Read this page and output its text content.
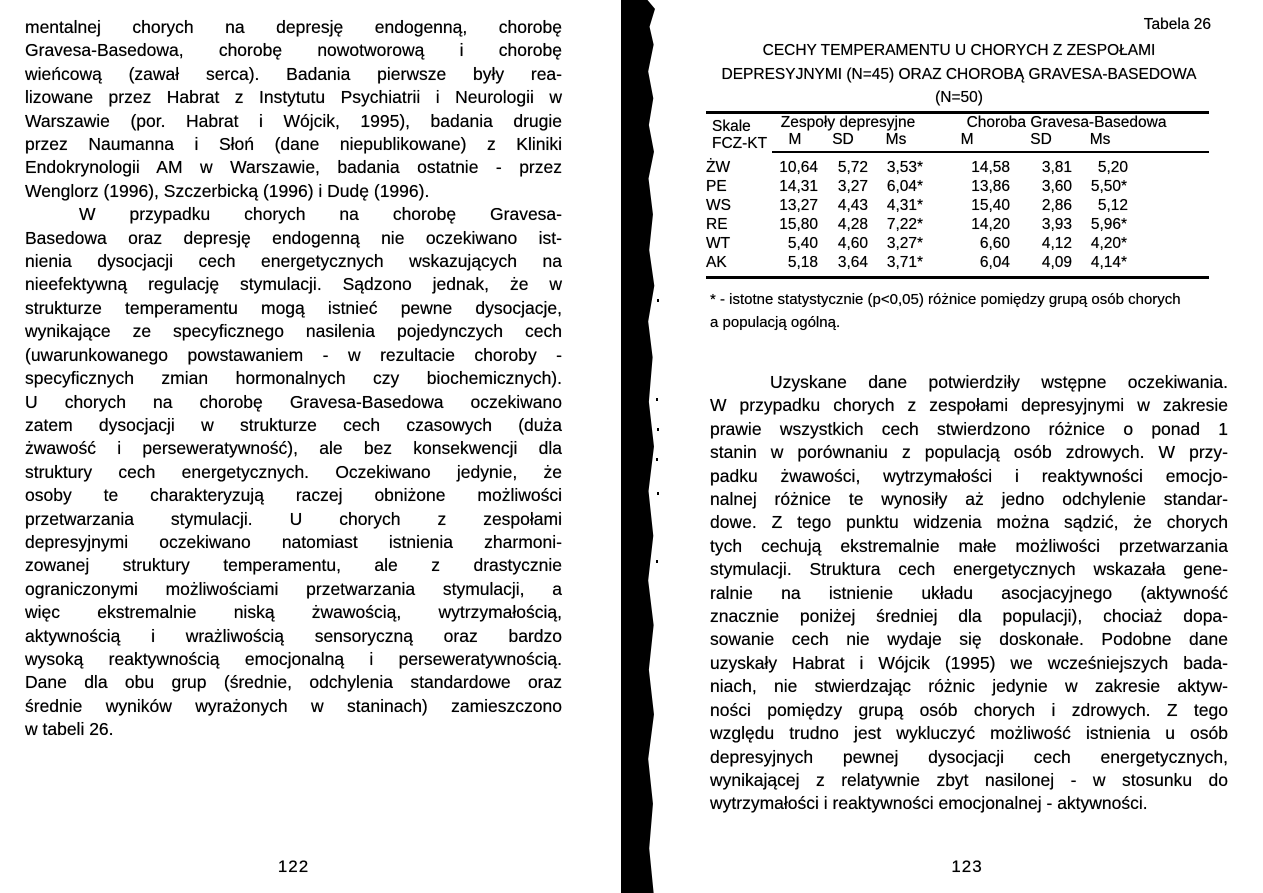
mentalnej chorych na depresję endogenną, chorobę
Gravesa-Basedowa, chorobę nowotworową i chorobę
wieńcową (zawał serca). Badania pierwsze były rea-
lizowane przez Habrat z Instytutu Psychiatrii i Neurologii w
Warszawie (por. Habrat i Wójcik, 1995), badania drugie
przez Naumanna i Słoń (dane niepublikowane) z Kliniki
Endokrynologii AM w Warszawie, badania ostatnie - przez
Wenglorz (1996), Szczerbicką (1996) i Dudę (1996).
W przypadku chorych na chorobę Gravesa-
Basedowa oraz depresję endogenną nie oczekiwano ist-
nienia dysocjacji cech energetycznych wskazujących na
nieefektywną regulację stymulacji. Sądzono jednak, że w
strukturze temperamentu mogą istnieć pewne dysocjacje,
wynikające ze specyficznego nasilenia pojedynczych cech
(uwarunkowanego powstawaniem - w rezultacie choroby -
specyficznych zmian hormonalnych czy biochemicznych).
U chorych na chorobę Gravesa-Basedowa oczekiwano
zatem dysocjacji w strukturze cech czasowych (duża
żwawość i perseweratywność), ale bez konsekwencji dla
struktury cech energetycznych. Oczekiwano jedynie, że
osoby te charakteryzują raczej obniżone możliwości
przetwarzania stymulacji. U chorych z zespołami
depresyjnymi oczekiwano natomiast istnienia zharmoni-
zowanej struktury temperamentu, ale z drastycznie
ograniczonymi możliwościami przetwarzania stymulacji, a
więc ekstremalnie niską żwawością, wytrzymałością,
aktywnością i wrażliwością sensoryczną oraz bardzo
wysoką reaktywnością emocjonalną i perseweratywnością.
Dane dla obu grup (średnie, odchylenia standardowe oraz
średnie wyników wyrażonych w staninach) zamieszczono
w tabeli 26.
122
Tabela 26
CECHY TEMPERAMENTU U CHORYCH Z ZESPOŁAMI
DEPRESYJNYMI (N=45) ORAZ CHOROBĄ GRAVESA-BASEDOWA
(N=50)
Skale
FCZ-KT	Zespoły depresyjne			Choroba Gravesa-Basedowa			
	M	SD	Ms	M	SD	Ms	
ŻW	10,64	5,72	3,53*	14,58	3,81	5,20	
PE	14,31	3,27	6,04*	13,86	3,60	5,50*	
WS	13,27	4,43	4,31*	15,40	2,86	5,12	
RE	15,80	4,28	7,22*	14,20	3,93	5,96*	
WT	5,40	4,60	3,27*	6,60	4,12	4,20*	
AK	5,18	3,64	3,71*	6,04	4,09	4,14*	
* - istotne statystycznie (p<0,05) różnice pomiędzy grupą osób chorych
a populacją ogólną.
Uzyskane dane potwierdziły wstępne oczekiwania.
W przypadku chorych z zespołami depresyjnymi w zakresie
prawie wszystkich cech stwierdzono różnice o ponad 1
stanin w porównaniu z populacją osób zdrowych. W przy-
padku żwawości, wytrzymałości i reaktywności emocjo-
nalnej różnice te wynosiły aż jedno odchylenie standar-
dowe. Z tego punktu widzenia można sądzić, że chorych
tych cechują ekstremalnie małe możliwości przetwarzania
stymulacji. Struktura cech energetycznych wskazała gene-
ralnie na istnienie układu asocjacyjnego (aktywność
znacznie poniżej średniej dla populacji), chociaż dopa-
sowanie cech nie wydaje się doskonałe. Podobne dane
uzyskały Habrat i Wójcik (1995) we wcześniejszych bada-
niach, nie stwierdzając różnic jedynie w zakresie aktyw-
ności pomiędzy grupą osób chorych i zdrowych. Z tego
względu trudno jest wykluczyć możliwość istnienia u osób
depresyjnych pewnej dysocjacji cech energetycznych,
wynikającej z relatywnie zbyt nasilonej - w stosunku do
wytrzymałości i reaktywności emocjonalnej - aktywności.
123
